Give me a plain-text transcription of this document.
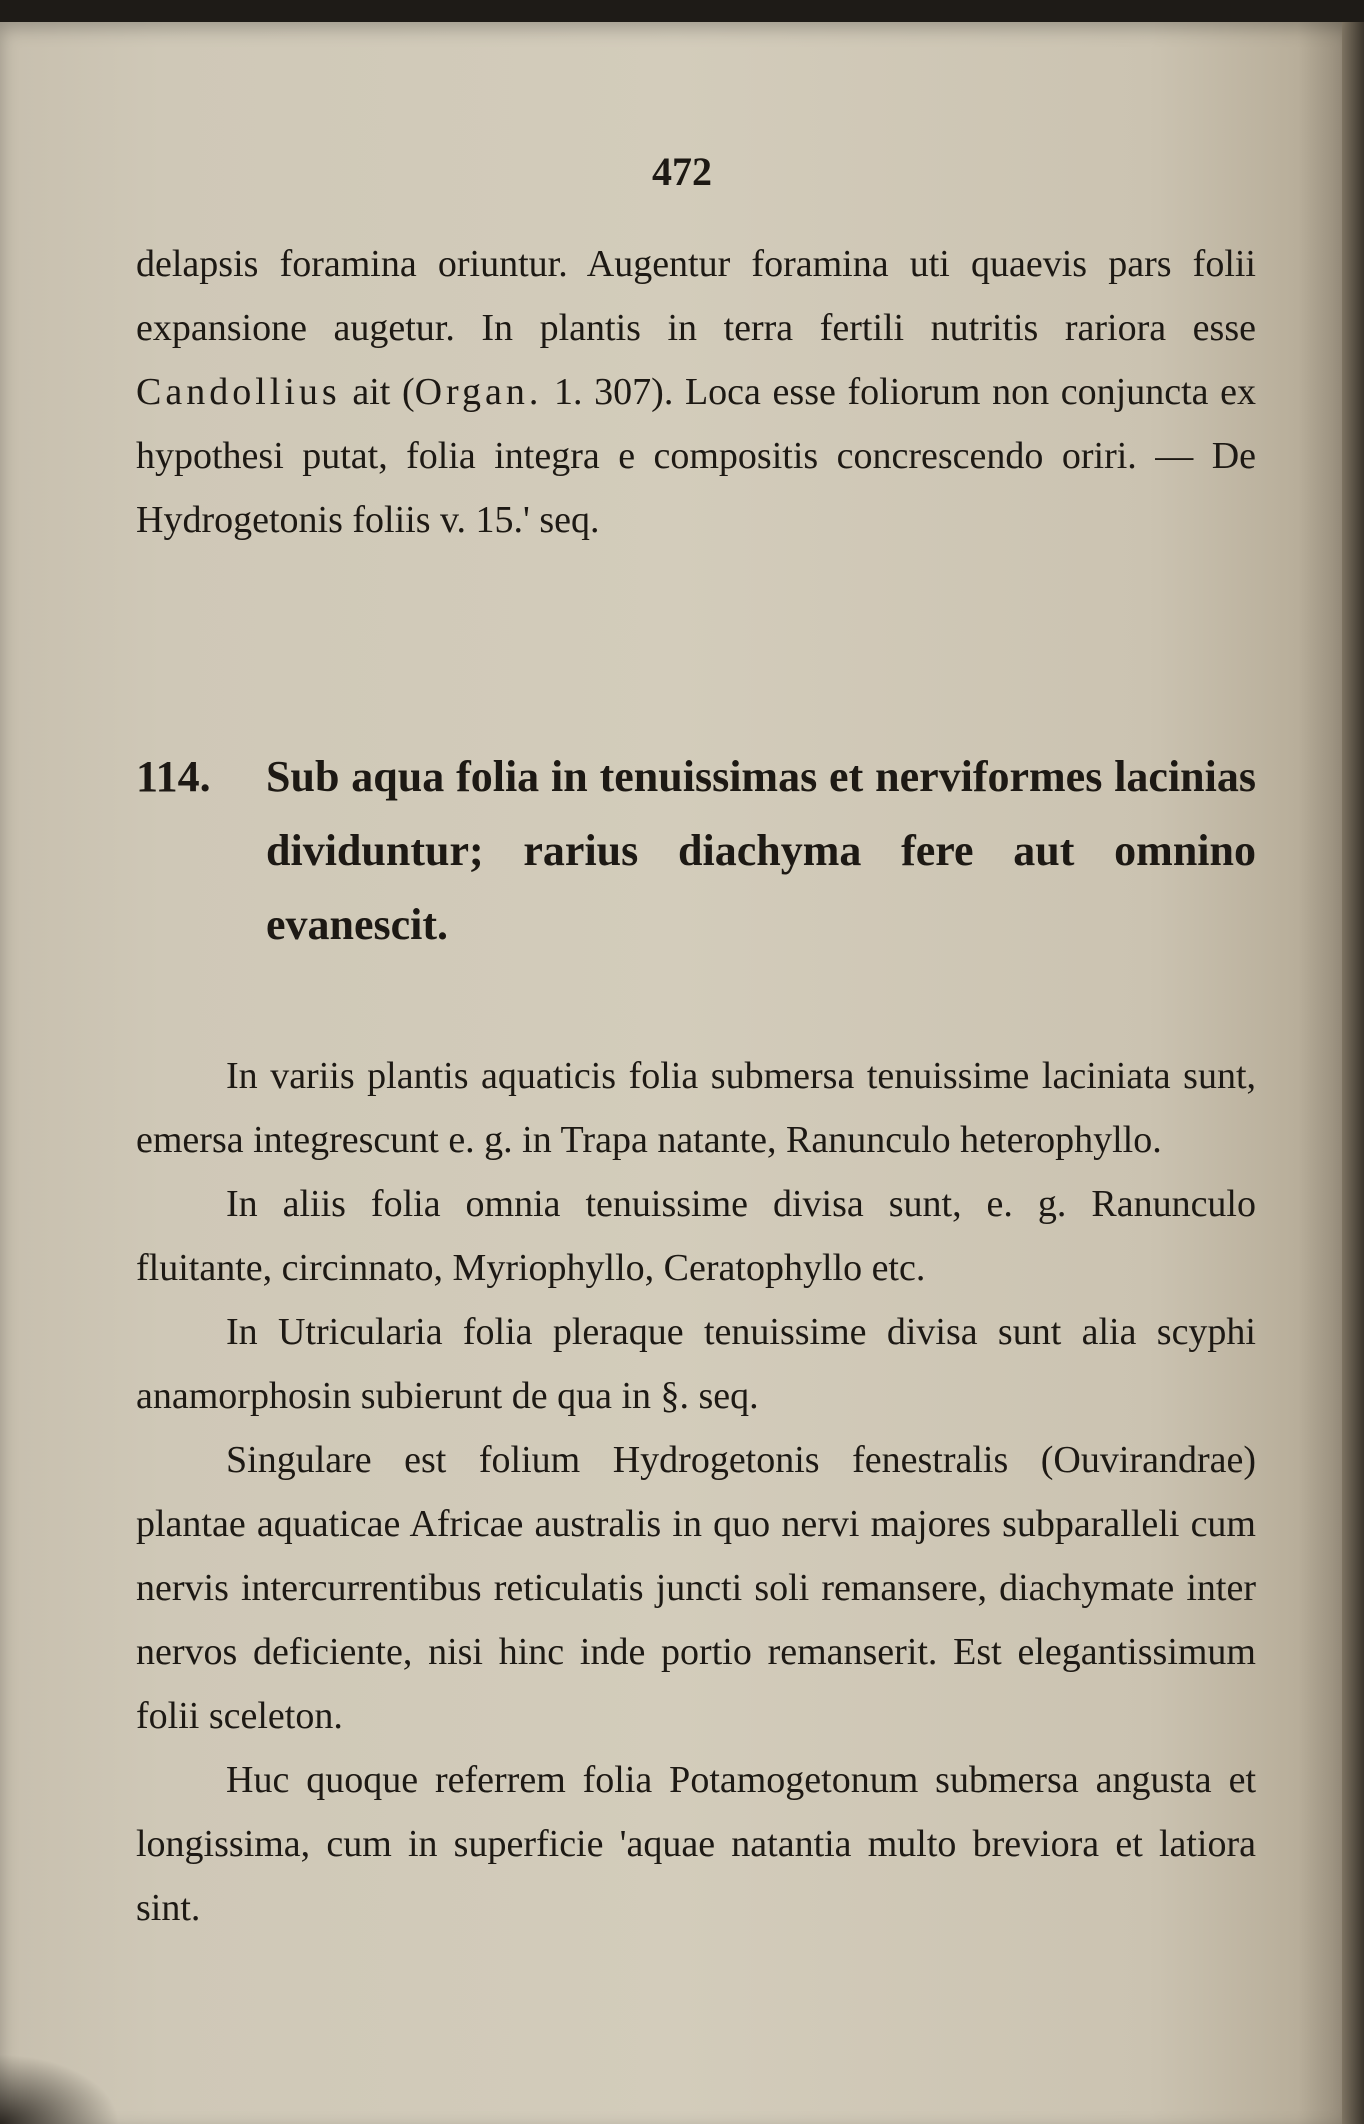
472

delapsis foramina oriuntur. Augentur foramina uti quaevis pars folii expansione augetur. In plantis in terra fertili nutritis rariora esse Candollius ait (Organ. 1. 307). Loca esse foliorum non conjuncta ex hypothesi putat, folia integra e compositis concrescendo oriri. — De Hydrogetonis foliis v. 15.' seq.

114. Sub aqua folia in tenuissimas et nerviformes lacinias dividuntur; rarius diachyma fere aut omnino evanescit.

In variis plantis aquaticis folia submersa tenuissime laciniata sunt, emersa integrescunt e. g. in Trapa natante, Ranunculo heterophyllo.

In aliis folia omnia tenuissime divisa sunt, e. g. Ranunculo fluitante, circinnato, Myriophyllo, Ceratophyllo etc.

In Utricularia folia pleraque tenuissime divisa sunt alia scyphi anamorphosin subierunt de qua in §. seq.

Singulare est folium Hydrogetonis fenestralis (Ouvirandrae) plantae aquaticae Africae australis in quo nervi majores subparalleli cum nervis intercurrentibus reticulatis juncti soli remansere, diachymate inter nervos deficiente, nisi hinc inde portio remanserit. Est elegantissimum folii sceleton.

Huc quoque referrem folia Potamogetonum submersa angusta et longissima, cum in superficie 'aquae natantia multo breviora et latiora sint.
